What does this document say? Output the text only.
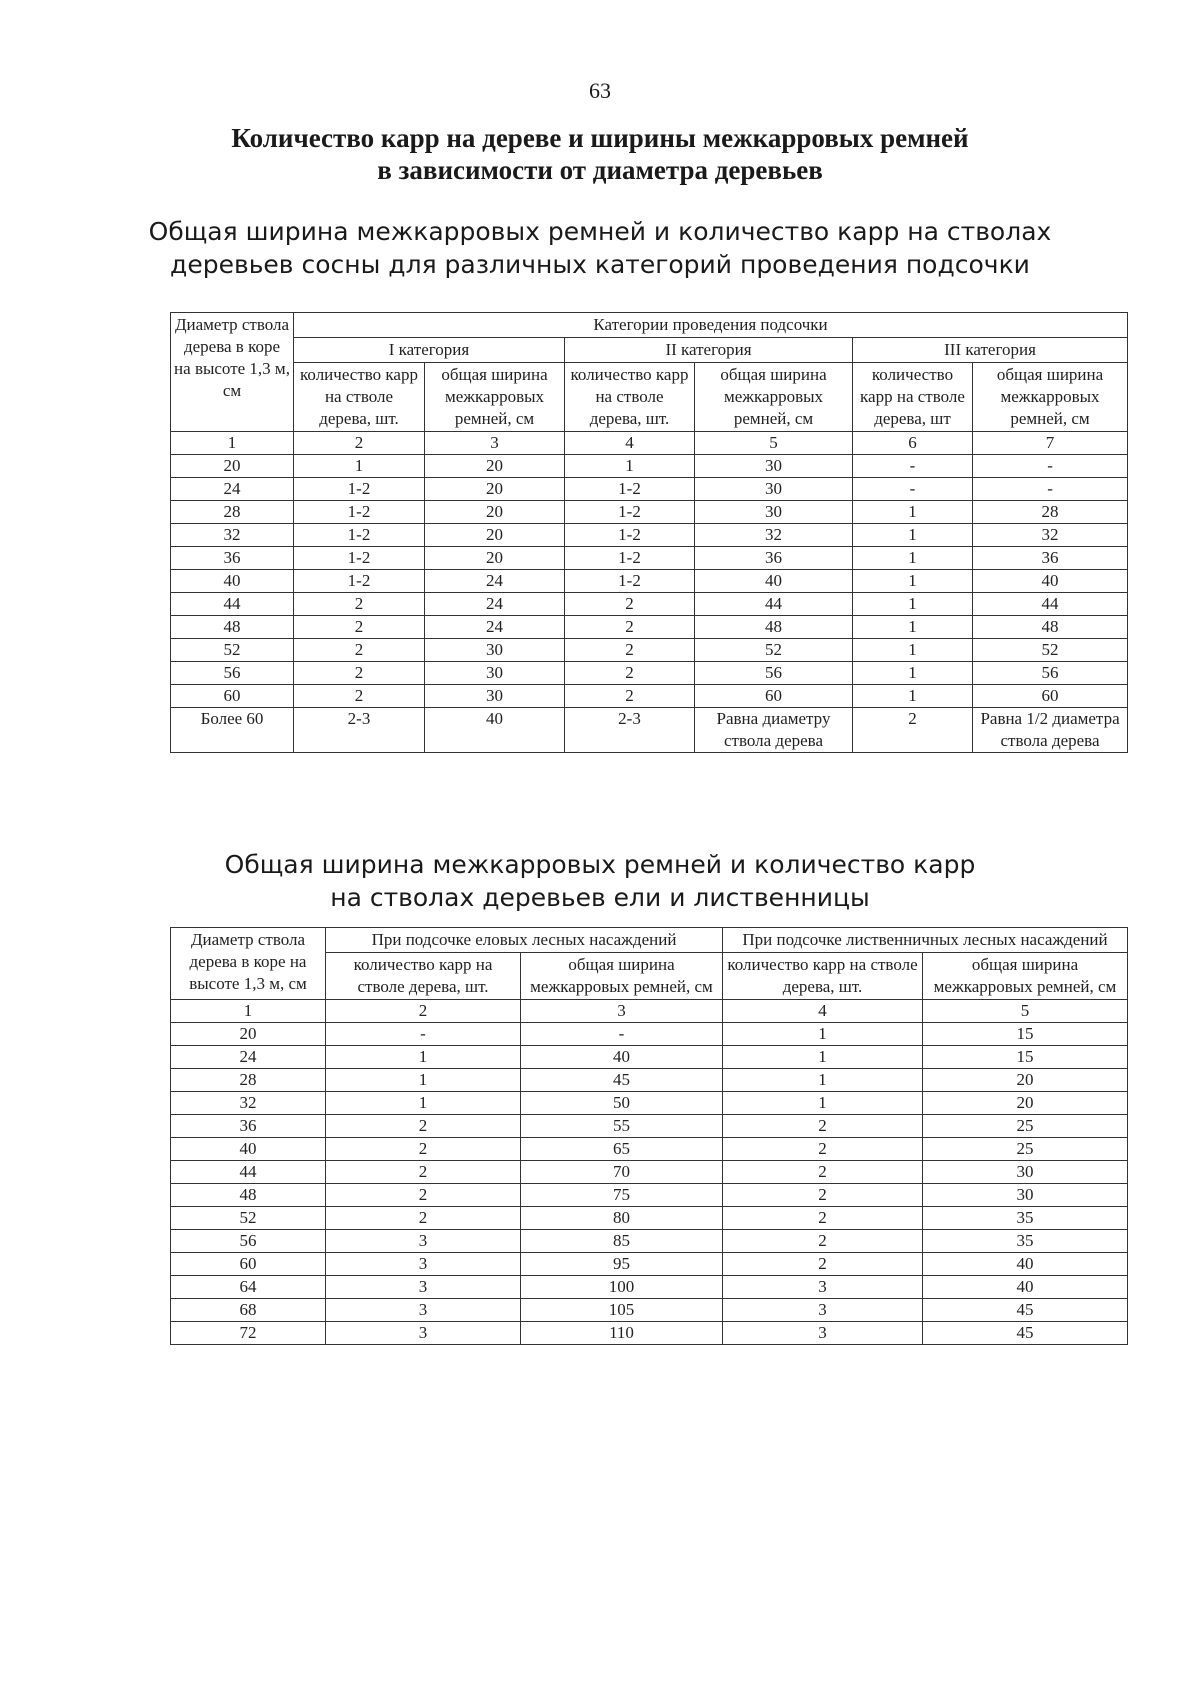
63
Количество карр на дереве и ширины межкарровых ремней
в зависимости от диаметра деревьев
Общая ширина межкарровых ремней и количество карр на стволах
деревьев сосны для различных категорий проведения подсочки
Диаметр ствола дерева в коре на высоте 1,3 м, см	Категории проведения подсочки					
	I категория		II категория		III категория	
	количество карр на стволе дерева, шт.	общая ширина межкарровых ремней, см	количество карр на стволе дерева, шт.	общая ширина межкарровых ремней, см	количество карр на стволе дерева, шт	общая ширина межкарровых ремней, см
1	2	3	4	5	6	7
20	1	20	1	30	-	-
24	1-2	20	1-2	30	-	-
28	1-2	20	1-2	30	1	28
32	1-2	20	1-2	32	1	32
36	1-2	20	1-2	36	1	36
40	1-2	24	1-2	40	1	40
44	2	24	2	44	1	44
48	2	24	2	48	1	48
52	2	30	2	52	1	52
56	2	30	2	56	1	56
60	2	30	2	60	1	60
Более 60	2-3	40	2-3	Равна диаметру ствола дерева	2	Равна 1/2 диаметра ствола дерева
Общая ширина межкарровых ремней и количество карр
на стволах деревьев ели и лиственницы
Диаметр ствола дерева в коре на высоте 1,3 м, см	При подсочке еловых лесных насаждений		При подсочке лиственничных лесных насаждений	
	количество карр на стволе дерева, шт.	общая ширина межкарровых ремней, см	количество карр на стволе дерева, шт.	общая ширина межкарровых ремней, см
1	2	3	4	5
20	-	-	1	15
24	1	40	1	15
28	1	45	1	20
32	1	50	1	20
36	2	55	2	25
40	2	65	2	25
44	2	70	2	30
48	2	75	2	30
52	2	80	2	35
56	3	85	2	35
60	3	95	2	40
64	3	100	3	40
68	3	105	3	45
72	3	110	3	45
